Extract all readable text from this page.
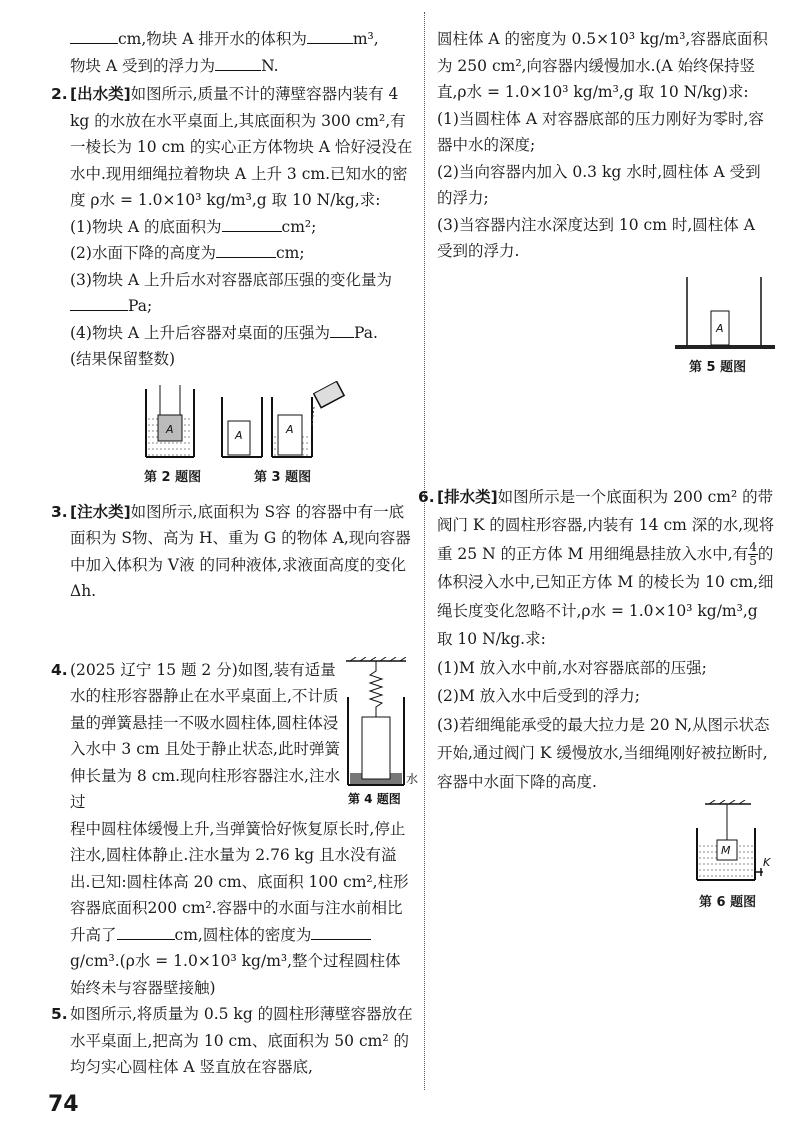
cm,物块 A 排开水的体积为	m³,
物块 A 受到的浮力为	N.

2. [出水类]如图所示,质量不计的薄壁容器内装有 4 kg 的水放在水平桌面上,其底面积为 300 cm²,有一棱长为 10 cm 的实心正方体物块 A 恰好浸没在水中.现用细绳拉着物块 A 上升 3 cm.已知水的密度 ρ水 = 1.0×10³ kg/m³,g 取 10 N/kg,求:

(1)物块 A 的底面积为	cm²;

(2)水面下降的高度为	cm;

(3)物块 A 上升后水对容器底部压强的变化量为Pa;

(4)物块 A 上升后容器对桌面的压强为 Pa.

(结果保留整数)

A	A	A
第 2 题图	第 3 题图
3. [注水类]如图所示,底面积为 S容 的容器中有一底面积为 S物、高为 H、重为 G 的物体 A,现向容器中加入体积为 V液 的同种液体,求液面高度的变化 Δh.

4.
水
第 4 题图

(2025 辽宁 15 题 2 分)如图,装有适量水的柱形容器静止在水平桌面上,不计质量的弹簧悬挂一不吸水圆柱体,圆柱体浸入水中 3 cm 且处于静止状态,此时弹簧伸长量为 8 cm.现向柱形容器注水,注水过

程中圆柱体缓慢上升,当弹簧恰好恢复原长时,停止注水,圆柱体静止.注水量为 2.76 kg 且水没有溢出.已知:圆柱体高 20 cm、底面积 100 cm²,柱形容器底面积200 cm².容器中的水面与注水前相比升高了	cm,圆柱体的密度为g/cm³.(ρ水 = 1.0×10³ kg/m³,整个过程圆柱体始终未与容器壁接触)

5. 如图所示,将质量为 0.5 kg 的圆柱形薄壁容器放在水平桌面上,把高为 10 cm、底面积为 50 cm² 的均匀实心圆柱体 A 竖直放在容器底,

圆柱体 A 的密度为 0.5×10³ kg/m³,容器底面积为 250 cm²,向容器内缓慢加水.(A 始终保持竖直,ρ水 = 1.0×10³ kg/m³,g 取 10 N/kg)求:

(1)当圆柱体 A 对容器底部的压力刚好为零时,容器中水的深度;

(2)当向容器内加入 0.3 kg 水时,圆柱体 A 受到的浮力;

(3)当容器内注水深度达到 10 cm 时,圆柱体 A 受到的浮力.

A
第 5 题图
6. [排水类]如图所示是一个底面积为 200 cm² 的带阀门 K 的圆柱形容器,内装有 14 cm 深的水,现将重 25 N 的正方体 M 用细绳悬挂放入水中,有 $\frac{4}{5}$ 的体积浸入水中,已知正方体 M 的棱长为 10 cm,细绳长度变化忽略不计,ρ水 = 1.0×10³ kg/m³,g 取 10 N/kg.求:

(1)M 放入水中前,水对容器底部的压强;

(2)M 放入水中后受到的浮力;

(3)若细绳能承受的最大拉力是 20 N,从图示状态开始,通过阀门 K 缓慢放水,当细绳刚好被拉断时,容器中水面下降的高度.

M
K
第 6 题图
74
